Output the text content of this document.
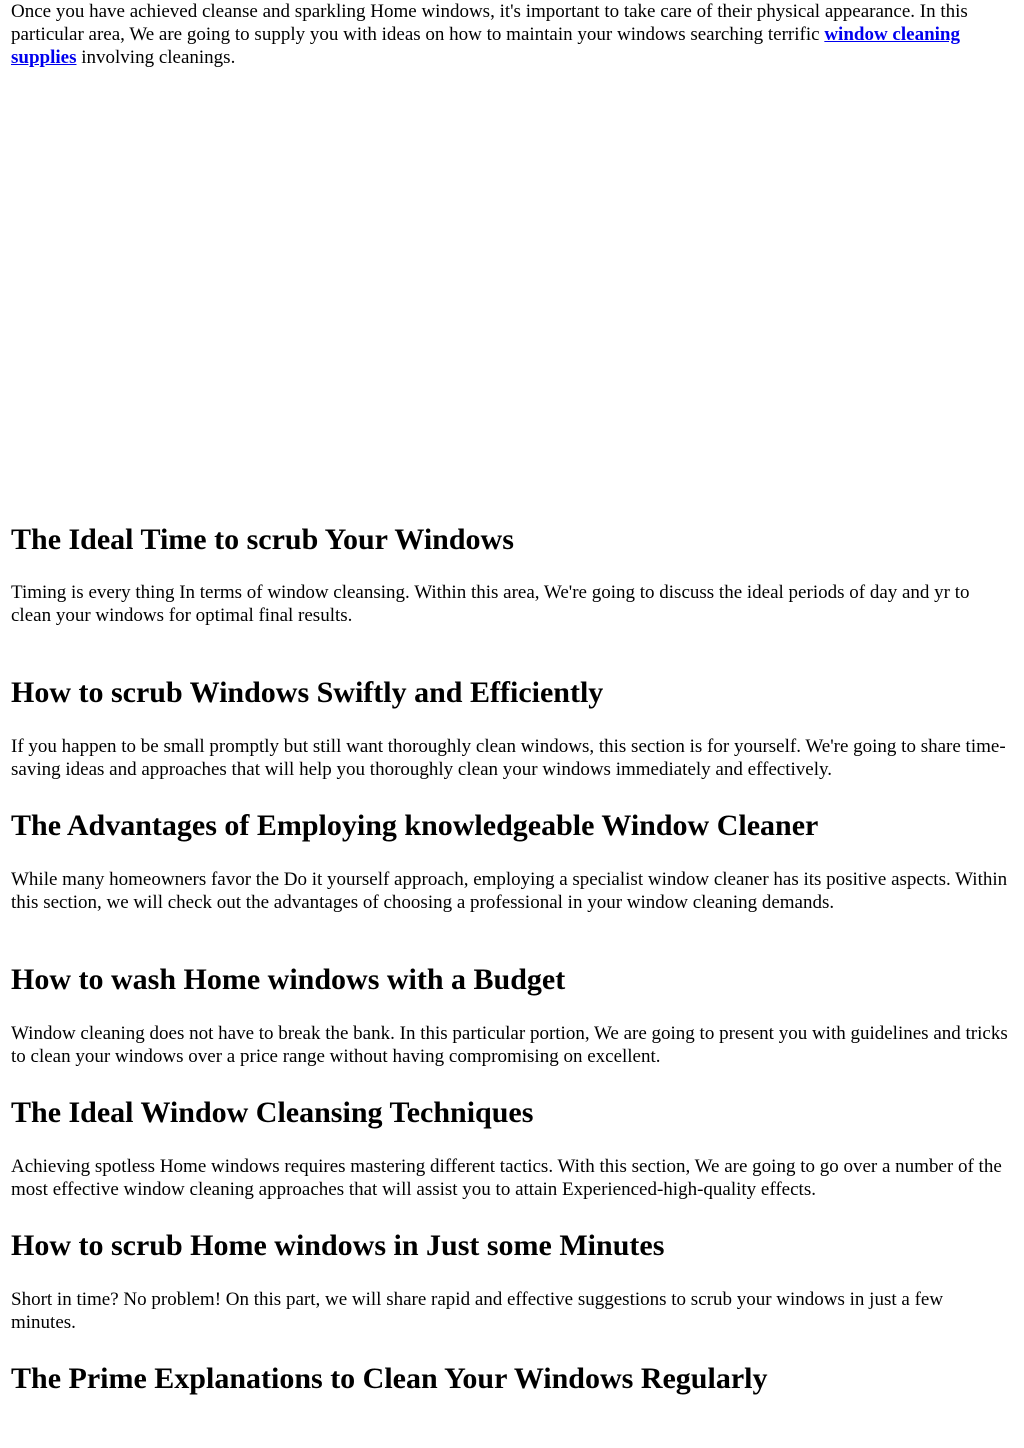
Once you have achieved cleanse and sparkling Home windows, it's important to take care of their physical appearance. In this particular area, We are going to supply you with ideas on how to maintain your windows searching terrific window cleaning supplies involving cleanings.

The Ideal Time to scrub Your Windows

Timing is every thing In terms of window cleansing. Within this area, We're going to discuss the ideal periods of day and yr to clean your windows for optimal final results.

How to scrub Windows Swiftly and Efficiently

If you happen to be small promptly but still want thoroughly clean windows, this section is for yourself. We're going to share time-saving ideas and approaches that will help you thoroughly clean your windows immediately and effectively.

The Advantages of Employing knowledgeable Window Cleaner

While many homeowners favor the Do it yourself approach, employing a specialist window cleaner has its positive aspects. Within this section, we will check out the advantages of choosing a professional in your window cleaning demands.

How to wash Home windows with a Budget

Window cleaning does not have to break the bank. In this particular portion, We are going to present you with guidelines and tricks to clean your windows over a price range without having compromising on excellent.

The Ideal Window Cleansing Techniques

Achieving spotless Home windows requires mastering different tactics. With this section, We are going to go over a number of the most effective window cleaning approaches that will assist you to attain Experienced-high-quality effects.

How to scrub Home windows in Just some Minutes

Short in time? No problem! On this part, we will share rapid and effective suggestions to scrub your windows in just a few minutes.

The Prime Explanations to Clean Your Windows Regularly
